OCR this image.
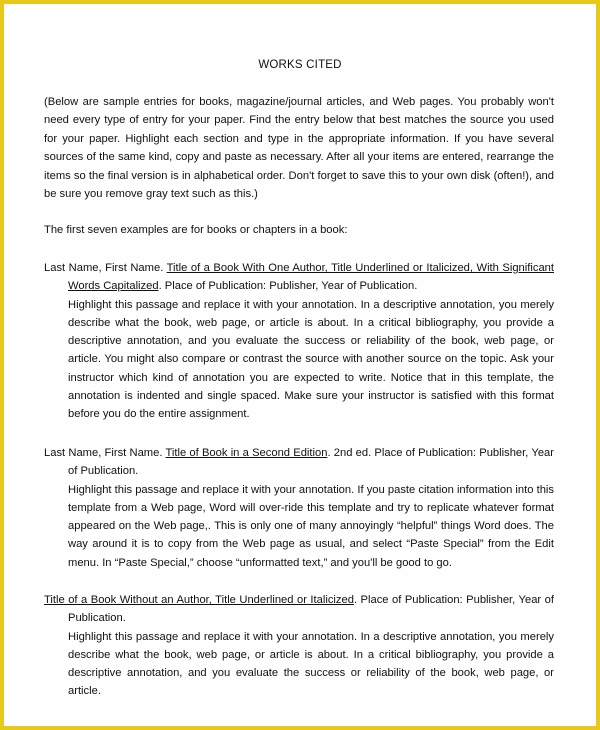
WORKS CITED
(Below are sample entries for books, magazine/journal articles, and Web pages. You probably won't need every type of entry for your paper. Find the entry below that best matches the source you used for your paper. Highlight each section and type in the appropriate information. If you have several sources of the same kind, copy and paste as necessary. After all your items are entered, rearrange the items so the final version is in alphabetical order. Don't forget to save this to your own disk (often!), and be sure you remove gray text such as this.)
The first seven examples are for books or chapters in a book:
Last Name, First Name. Title of a Book With One Author, Title Underlined or Italicized, With Significant Words Capitalized. Place of Publication: Publisher, Year of Publication.
Highlight this passage and replace it with your annotation. In a descriptive annotation, you merely describe what the book, web page, or article is about. In a critical bibliography, you provide a descriptive annotation, and you evaluate the success or reliability of the book, web page, or article. You might also compare or contrast the source with another source on the topic. Ask your instructor which kind of annotation you are expected to write. Notice that in this template, the annotation is indented and single spaced. Make sure your instructor is satisfied with this format before you do the entire assignment.
Last Name, First Name. Title of Book in a Second Edition. 2nd ed. Place of Publication: Publisher, Year of Publication.
Highlight this passage and replace it with your annotation. If you paste citation information into this template from a Web page, Word will over-ride this template and try to replicate whatever format appeared on the Web page,. This is only one of many annoyingly “helpful” things Word does. The way around it is to copy from the Web page as usual, and select “Paste Special” from the Edit menu. In “Paste Special,” choose “unformatted text,” and you'll be good to go.
Title of a Book Without an Author, Title Underlined or Italicized. Place of Publication: Publisher, Year of Publication.
Highlight this passage and replace it with your annotation. In a descriptive annotation, you merely describe what the book, web page, or article is about. In a critical bibliography, you provide a descriptive annotation, and you evaluate the success or reliability of the book, web page, or article.
